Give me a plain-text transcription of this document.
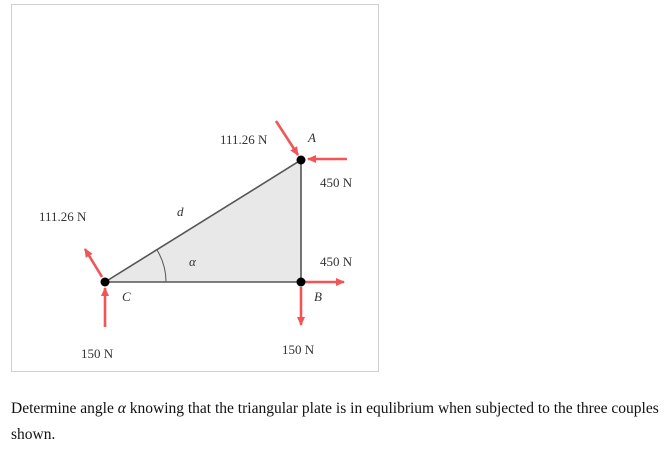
111.26 N	A
450 N
450 N
B
150 N
111.26 N
C
150 N
d
α

Determine angle α knowing that the triangular plate is in equlibrium when subjected to the three couples shown.
